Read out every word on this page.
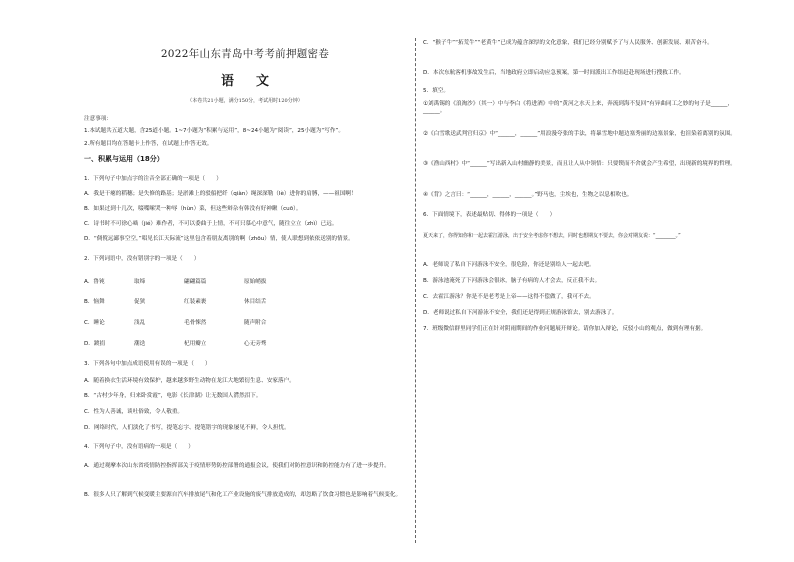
2022年山东青岛中考考前押题密卷
语文
（本卷共21小题，满分150分，考试用时120分钟）
注意事项：
1.本试题共五道大题，含25道小题。1~7小题为“积累与运用”，8~24小题为“阅读”，25小题为“写作”。
2.所有题目均在答题卡上作答，在试题上作答无效。
一、积累与运用（18分）
1．下列句子中加点字的注音全部正确的一项是（　　）
A．我是干瘪的稻穗；是失修的路基；是淤滩上的驳船把纤（qiàn）绳深深勒（lè）进你的肩膊，——祖国啊！
B．如果过到十几次，啜喋嗦哭一种辱（hùn）菜，但这些辩杂有韩没有好神瞅（cuō）。
C．诗书时不可徐心啮（jié）难作者，不可以委曲于上情，不可只慕心中意气，随往立立（zhì）已远。
D．“倜傥远鄙事空空，”唱见长江天际流”这里包含着朋友离别的啊（zhōu）情，使人联想到依依送别的情景。
2．下列词语中，没有错别字的一项是（　　）
A．鲁钝	取缔	翩翩篇篇	原始峭拔
B．恼舞	促狭	红装素裹	休目结舌
C．睡论	浅乱	毛骨悚然	随声附合
D．踱捐	潮迭	杞用瓣立	心无旁骛
3．下列各句中加点成语使用有误的一项是（　　）
A．随着换衣生活环境有效保护，越来越多野生动物在龙江大地繁衍生息、安家落户。
B．“古村少年身，归来卧赏霞”，电影《长津湖》让无数国人潸然泪下。
C．性为人善诚，谈吐俗致，令人敬重。
D．网络时代，人们淡化了书写，提笔忘字、提笔错字的现象屡见不鲜，令人担忧。
4．下列句子中，没有语病的一项是（　　）
A．通过观摩本次山东省疫情防控指挥部关于疫情形势防控部署的通报会议，使我们对防控意识和防控能力有了进一步提升。
B．很多人只了解到气候变暖主要源自汽车排放尾气和化工产业设施的废气排放造成的，却忽略了饮食习惯也是影响着气候变化。
C．“猴子牛”“拓荒牛”“老黄牛”已成为蕴含深厚的文化意象，我们已经分别赋予了与人民服务、创新发展、艰苦奋斗。
D．本次东航客机事故发生后，当地政府立即启动应急预案，第一时间派出工作组赶赴现场进行搜救工作。
5．填空。
①刘禹锡的《浪淘沙》（其一）中与李白《将进酒》中的“黄河之水天上来，奔流到海不复回”有异曲同工之妙的句子是______，______。
②《白雪歌送武判官归京》中“______，______”用浪漫夸张的手法，将暴雪地中题边塞秀丽的边塞景象，也渲染着离别的氛围。
③《渔山西村》中“______”写出新入山村幽静的美景，而且让人从中领悟：只要锲而不舍就会产生希望，出现新的境界的哲理。
④《背》之言曰：“______，______，______。”野马也，尘埃也，生物之以息相吹也。
6．下面情境下，表述最贴切、得体的一项是（　　）
夏天来了，你得知你和一起去霍江游泳，出于安全考虑你不想去，同时也想期友不要去，你会对期友说：“________。”
A．老师说了私自下河游泳不安全，很危险，你还是别给人一起去吧。
B．游泳池淹死了下河游泳会很冰，脑子有病的人才会去，反正我不去。
C．去霍江游泳？你是不是老考是上帝——这得不偿做了，我可不去。
D．老师说过私自下河游泳不安全，我们还是得到正规游泳馆去，别去游泳了。
7．班级微信群里同学们正在针对阴雨期间的作业问题展开辩论。请你加入辩论，反驳小山的观点，做到有理有据。
